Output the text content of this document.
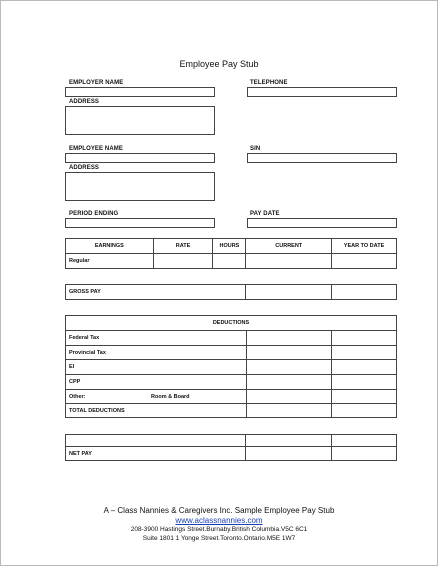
Employee Pay Stub
EMPLOYER NAME	TELEPHONE
ADDRESS
EMPLOYEE NAME	SIN
ADDRESS
PERIOD ENDING	PAY DATE
EARNINGS	RATE	HOURS	CURRENT	YEAR TO DATE
Regular				
GROSS PAY		
DEDUCTIONS		
Federal Tax		
Provincial Tax		
EI		
CPP		
Other: Room & Board		
TOTAL DEDUCTIONS		

NET PAY		
A – Class Nannies & Caregivers Inc. Sample Employee Pay Stub
www.aclassnannies.com
208-3900 Hastings Street.Burnaby.British Columbia.V5C 6C1
Suite 1801 1 Yonge Street.Toronto.Ontario.M5E 1W7
